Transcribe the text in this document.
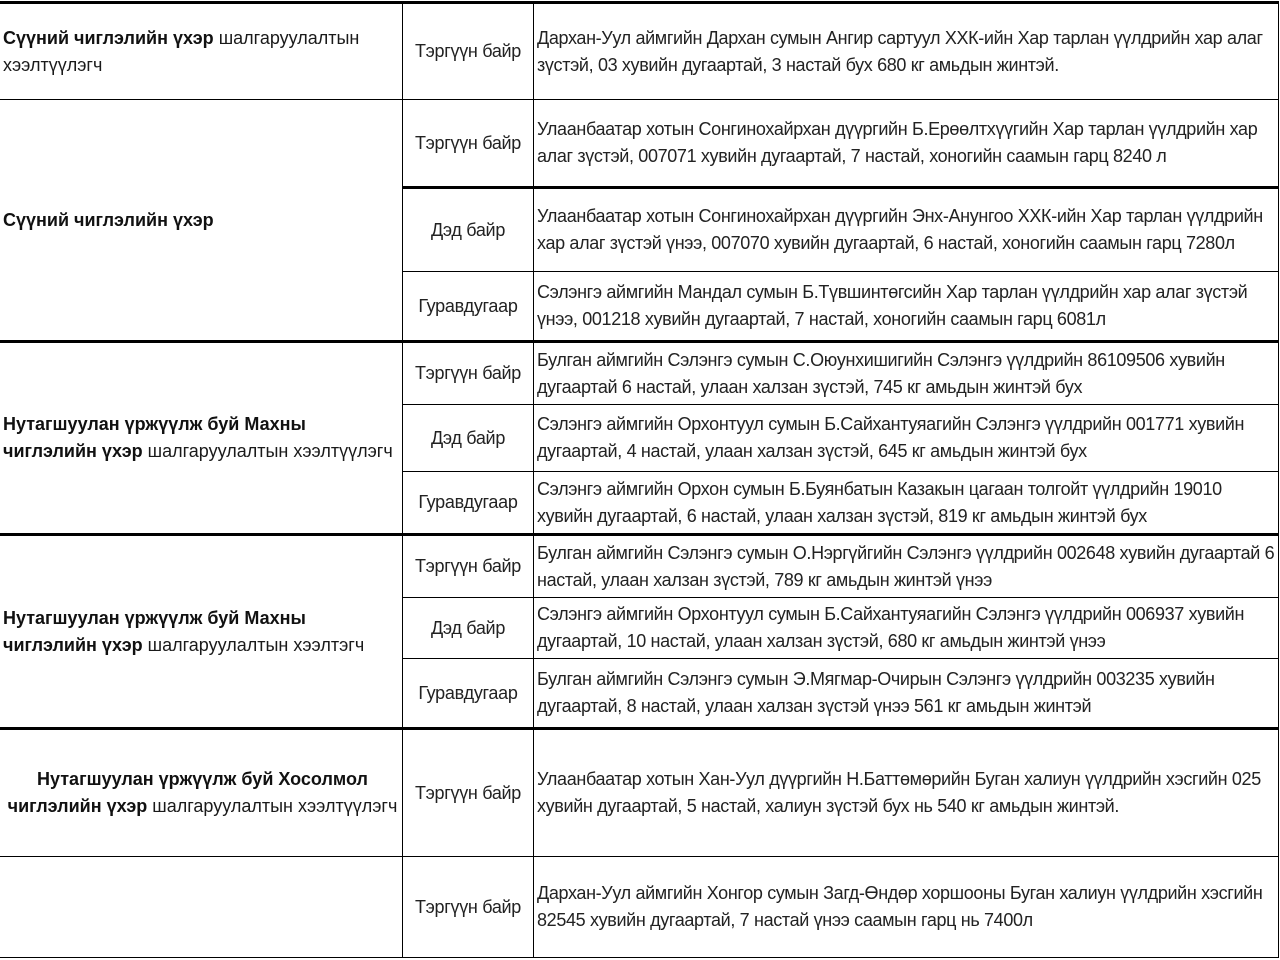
Сүүний чиглэлийн үхэр шалгаруулалтын хээлтүүлэгч	Тэргүүн байр	Дархан-Уул аймгийн Дархан сумын Ангир сартуул ХХК-ийн Хар тарлан үүлдрийн хар алаг зүстэй, 03 хувийн дугаартай, 3 настай бух 680 кг амьдын жинтэй.
Сүүний чиглэлийн үхэр	Тэргүүн байр	Улаанбаатар хотын Сонгинохайрхан дүүргийн Б.Ерөөлтхүүгийн Хар тарлан үүлдрийн хар алаг зүстэй, 007071 хувийн дугаартай, 7 настай, хоногийн саамын гарц 8240 л
	Дэд байр	Улаанбаатар хотын Сонгинохайрхан дүүргийн Энх-Анунгоо ХХК-ийн Хар тарлан үүлдрийн хар алаг зүстэй үнээ, 007070 хувийн дугаартай, 6 настай, хоногийн саамын гарц 7280л
	Гуравдугаар	Сэлэнгэ аймгийн Мандал сумын Б.Түвшинтөгсийн Хар тарлан үүлдрийн хар алаг зүстэй үнээ, 001218 хувийн дугаартай, 7 настай, хоногийн саамын гарц 6081л
Нутагшуулан үржүүлж буй Махны чиглэлийн үхэр шалгаруулалтын хээлтүүлэгч	Тэргүүн байр	Булган аймгийн Сэлэнгэ сумын С.Оюунхишигийн Сэлэнгэ үүлдрийн 86109506 хувийн дугаартай 6 настай, улаан халзан зүстэй, 745 кг амьдын жинтэй бух
	Дэд байр	Сэлэнгэ аймгийн Орхонтуул сумын Б.Сайхантуяагийн Сэлэнгэ үүлдрийн 001771 хувийн дугаартай, 4 настай, улаан халзан зүстэй, 645 кг амьдын жинтэй бух
	Гуравдугаар	Сэлэнгэ аймгийн Орхон сумын Б.Буянбатын Казакын цагаан толгойт үүлдрийн 19010 хувийн дугаартай, 6 настай, улаан халзан зүстэй, 819 кг амьдын жинтэй бух
Нутагшуулан үржүүлж буй Махны чиглэлийн үхэр шалгаруулалтын хээлтэгч	Тэргүүн байр	Булган аймгийн Сэлэнгэ сумын О.Нэргүйгийн Сэлэнгэ үүлдрийн 002648 хувийн дугаартай 6 настай, улаан халзан зүстэй, 789 кг амьдын жинтэй үнээ
	Дэд байр	Сэлэнгэ аймгийн Орхонтуул сумын Б.Сайхантуяагийн Сэлэнгэ үүлдрийн 006937 хувийн дугаартай, 10 настай, улаан халзан зүстэй, 680 кг амьдын жинтэй үнээ
	Гуравдугаар	Булган аймгийн Сэлэнгэ сумын Э.Мягмар-Очирын Сэлэнгэ үүлдрийн 003235 хувийн дугаартай, 8 настай, улаан халзан зүстэй үнээ 561 кг амьдын жинтэй
Нутагшуулан үржүүлж буй Хосолмол чиглэлийн үхэр шалгаруулалтын хээлтүүлэгч	Тэргүүн байр	Улаанбаатар хотын Хан-Уул дүүргийн Н.Баттөмөрийн Буган халиун үүлдрийн хэсгийн 025 хувийн дугаартай, 5 настай, халиун зүстэй бух нь 540 кг амьдын жинтэй.
	Тэргүүн байр	Дархан-Уул аймгийн Хонгор сумын Загд-Өндөр хоршооны Буган халиун үүлдрийн хэсгийн 82545 хувийн дугаартай, 7 настай үнээ саамын гарц нь 7400л
